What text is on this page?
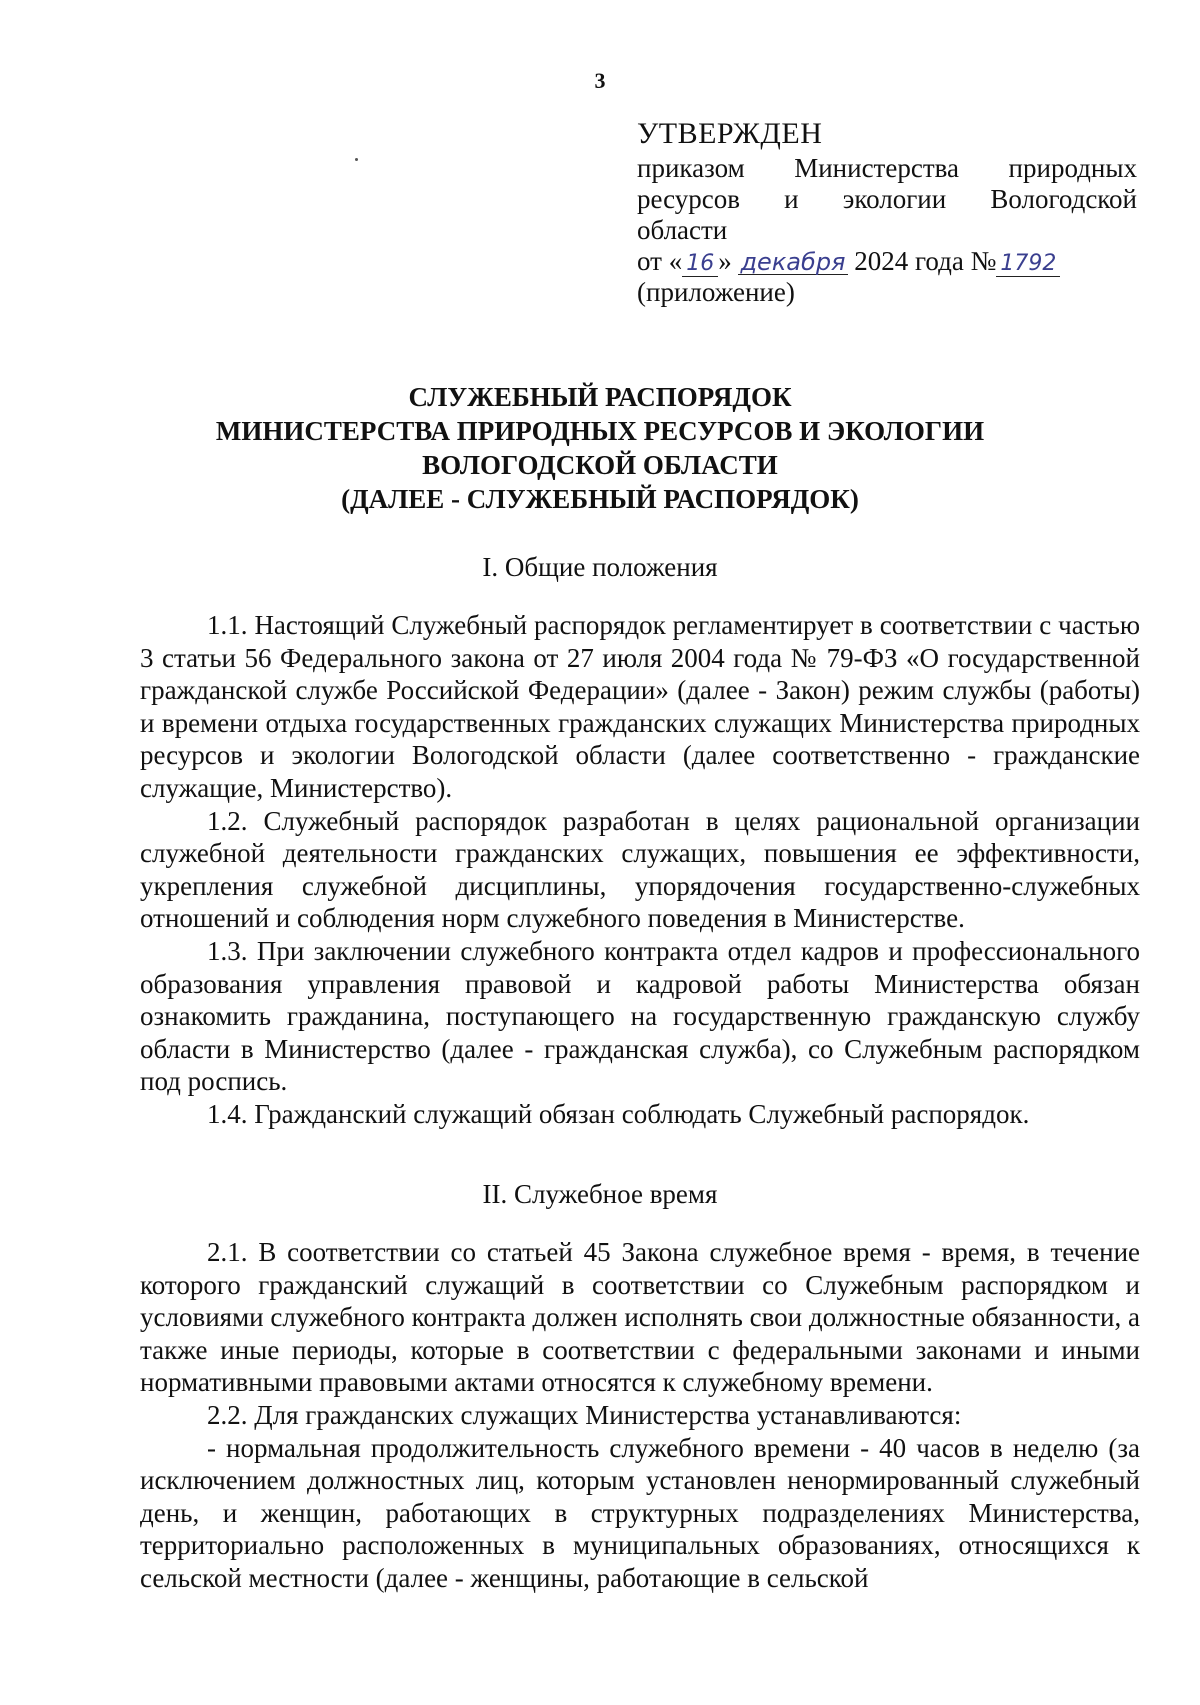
3
УТВЕРЖДЕН
приказом Министерства природных
ресурсов и экологии Вологодской
области
от « 16 » декабря 2024 года № 1792
(приложение)
СЛУЖЕБНЫЙ РАСПОРЯДОК
МИНИСТЕРСТВА ПРИРОДНЫХ РЕСУРСОВ И ЭКОЛОГИИ
ВОЛОГОДСКОЙ ОБЛАСТИ
(ДАЛЕЕ - СЛУЖЕБНЫЙ РАСПОРЯДОК)
I. Общие положения

1.1. Настоящий Служебный распорядок регламентирует в соответствии с частью 3 статьи 56 Федерального закона от 27 июля 2004 года № 79-ФЗ «О государственной гражданской службе Российской Федерации» (далее - Закон) режим службы (работы) и времени отдыха государственных гражданских служащих Министерства природных ресурсов и экологии Вологодской области (далее соответственно - гражданские служащие, Министерство).

1.2. Служебный распорядок разработан в целях рациональной организации служебной деятельности гражданских служащих, повышения ее эффективности, укрепления служебной дисциплины, упорядочения государственно-служебных отношений и соблюдения норм служебного поведения в Министерстве.

1.3. При заключении служебного контракта отдел кадров и профессионального образования управления правовой и кадровой работы Министерства обязан ознакомить гражданина, поступающего на государственную гражданскую службу области в Министерство (далее - гражданская служба), со Служебным распорядком под роспись.

1.4. Гражданский служащий обязан соблюдать Служебный распорядок.

II. Служебное время

2.1. В соответствии со статьей 45 Закона служебное время - время, в течение которого гражданский служащий в соответствии со Служебным распорядком и условиями служебного контракта должен исполнять свои должностные обязанности, а также иные периоды, которые в соответствии с федеральными законами и иными нормативными правовыми актами относятся к служебному времени.

2.2. Для гражданских служащих Министерства устанавливаются:

- нормальная продолжительность служебного времени - 40 часов в неделю (за исключением должностных лиц, которым установлен ненормированный служебный день, и женщин, работающих в структурных подразделениях Министерства, территориально расположенных в муниципальных образованиях, относящихся к сельской местности (далее - женщины, работающие в сельской
